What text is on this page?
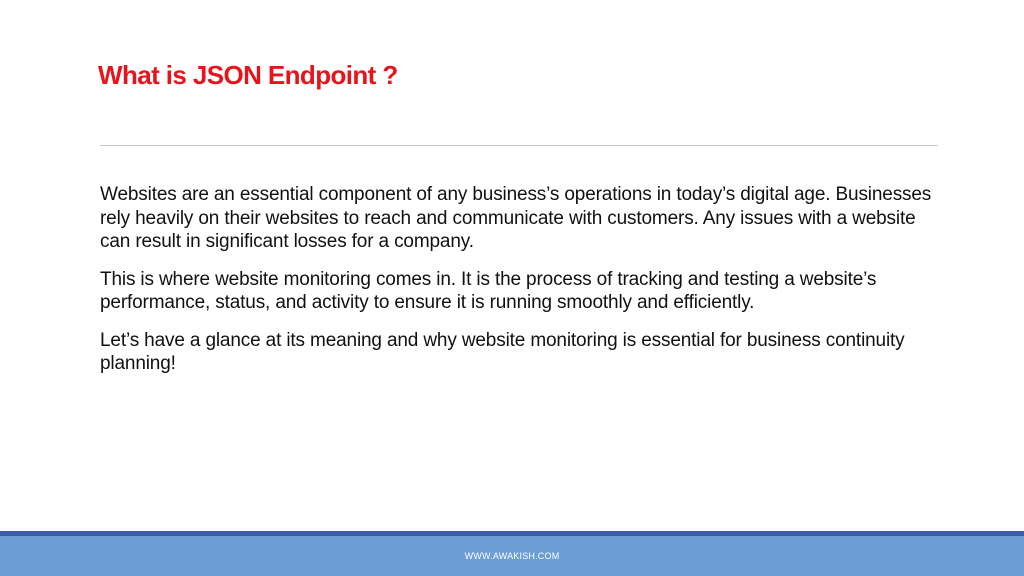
What is JSON Endpoint ?

Websites are an essential component of any business’s operations in today’s digital age. Businesses rely heavily on their websites to reach and communicate with customers. Any issues with a website can result in significant losses for a company.

This is where website monitoring comes in. It is the process of tracking and testing a website’s performance, status, and activity to ensure it is running smoothly and efficiently.

Let’s have a glance at its meaning and why website monitoring is essential for business continuity planning!

WWW.AWAKISH.COM
